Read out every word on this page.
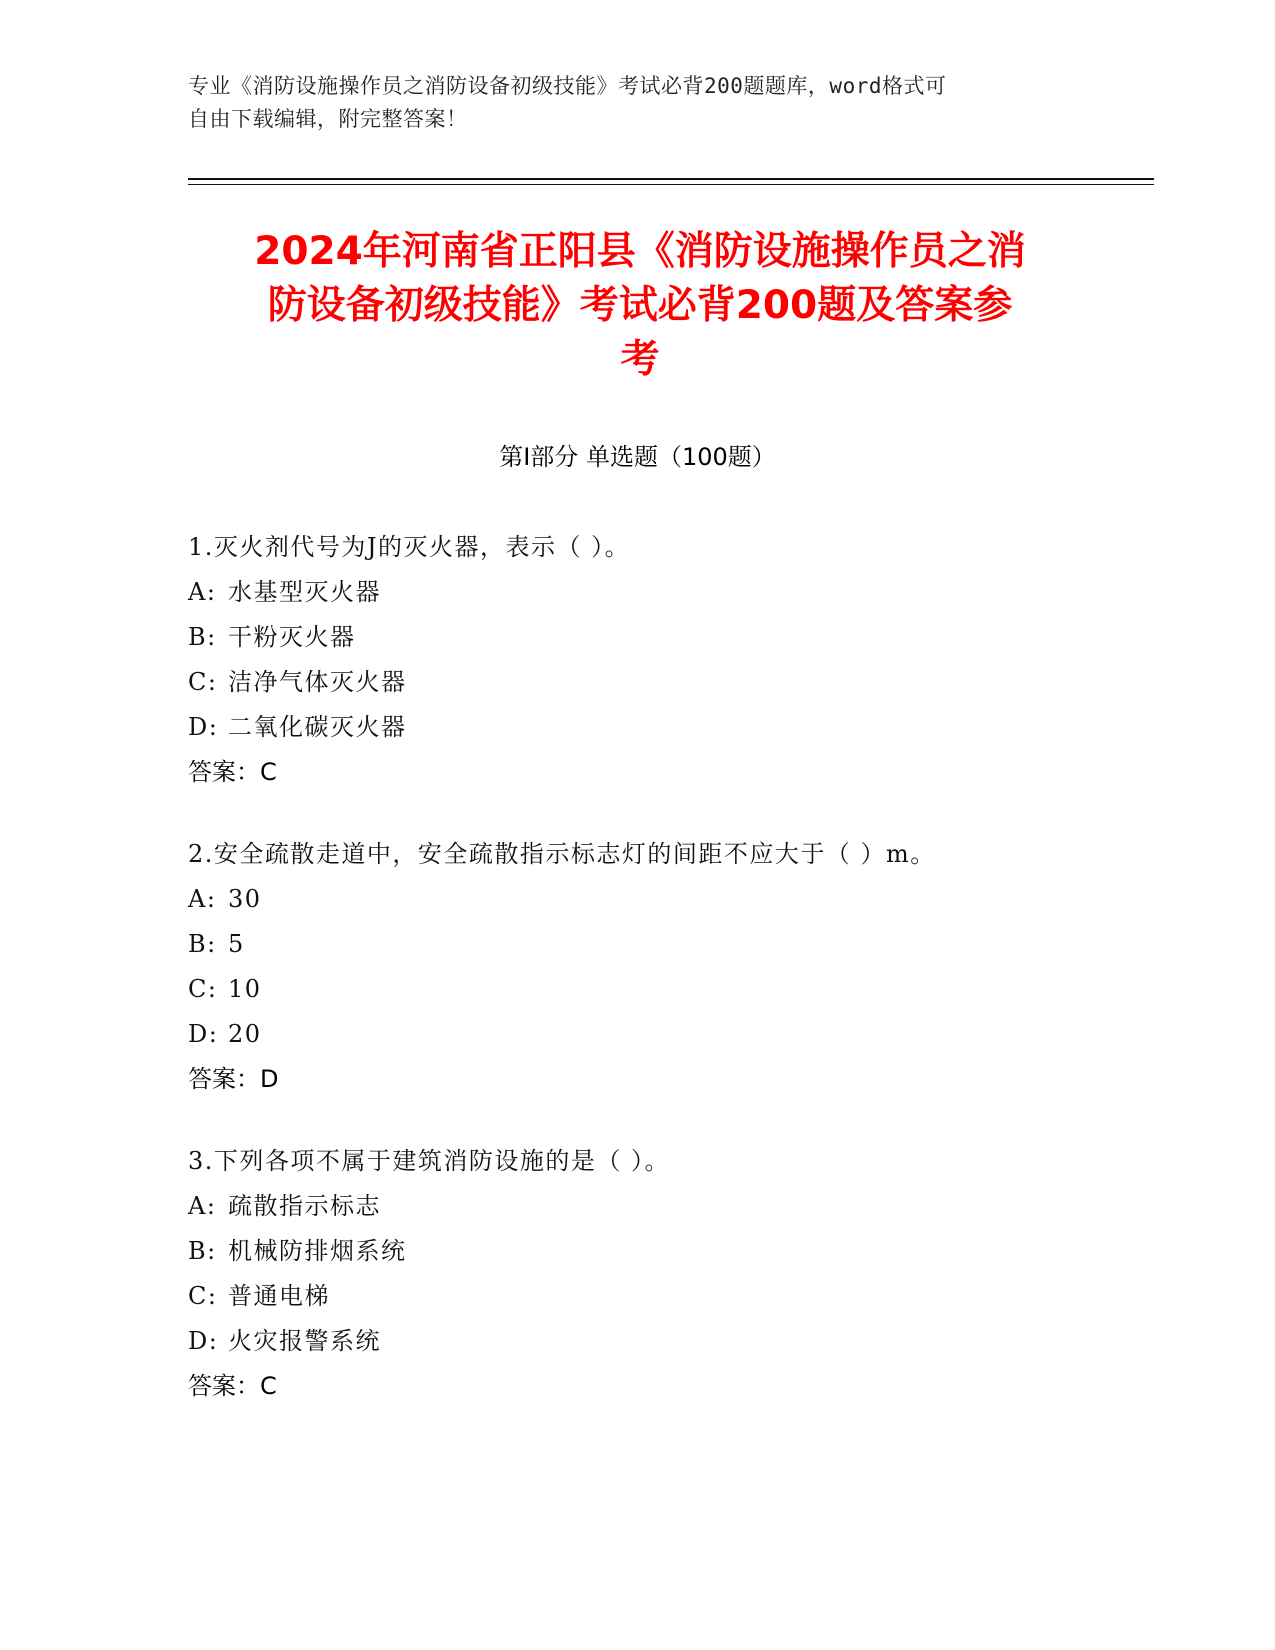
专业《消防设施操作员之消防设备初级技能》考试必背200题题库，word格式可
自由下载编辑，附完整答案！
2024年河南省正阳县《消防设施操作员之消
防设备初级技能》考试必背200题及答案参
考
第Ⅰ部分 单选题（100题）
1.灭火剂代号为J的灭火器，表示（ ）。
A: 水基型灭火器
B: 干粉灭火器
C: 洁净气体灭火器
D: 二氧化碳灭火器
答案：C
2.安全疏散走道中，安全疏散指示标志灯的间距不应大于（ ）m。
A: 30
B: 5
C: 10
D: 20
答案：D
3.下列各项不属于建筑消防设施的是（ ）。
A: 疏散指示标志
B: 机械防排烟系统
C: 普通电梯
D: 火灾报警系统
答案：C
